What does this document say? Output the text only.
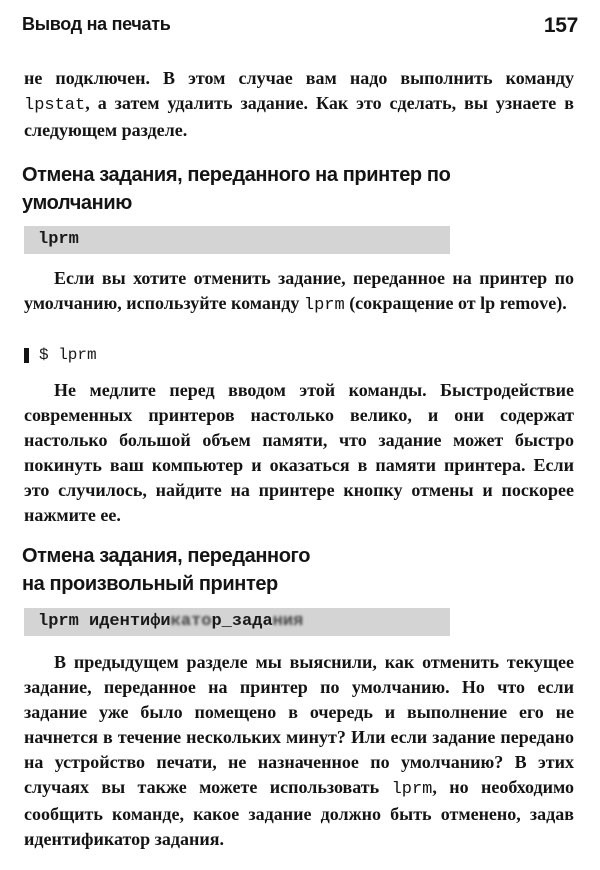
Вывод на печать	157

не подключен. В этом случае вам надо выполнить команду lpstat, а затем удалить задание. Как это сделать, вы узнаете в следующем разделе.

Отмена задания, переданного на принтер по умолчанию
lprm

Если вы хотите отменить задание, переданное на принтер по умолчанию, используйте команду lprm (сокращение от lp remove).

$ lprm

Не медлите перед вводом этой команды. Быстродействие современных принтеров настолько велико, и они содержат настолько большой объем памяти, что задание может быстро покинуть ваш компьютер и оказаться в памяти принтера. Если это случилось, найдите на принтере кнопку отмены и поскорее нажмите ее.

Отмена задания, переданного
на произвольный принтер
lprm идентификатор_задания

В предыдущем разделе мы выяснили, как отменить текущее задание, переданное на принтер по умолчанию. Но что если задание уже было помещено в очередь и выполнение его не начнется в течение нескольких минут? Или если задание передано на устройство печати, не назначенное по умолчанию? В этих случаях вы также можете использовать lprm, но необходимо сообщить команде, какое задание должно быть отменено, задав идентификатор задания.
